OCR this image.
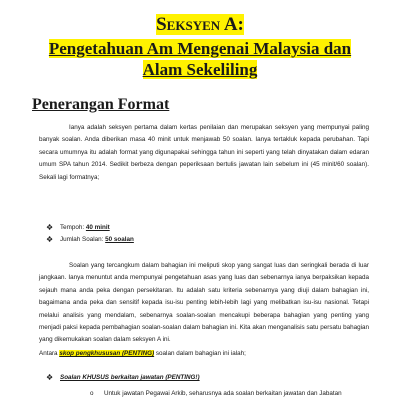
Seksyen A:
Pengetahuan Am Mengenai Malaysia dan
Alam Sekeliling
Penerangan Format

Ianya adalah seksyen pertama dalam kertas penilaian dan merupakan seksyen yang mempunyai paling banyak soalan. Anda diberikan masa 40 minit untuk menjawab 50 soalan. Ianya tertakluk kepada perubahan. Tapi secara umumnya itu adalah format yang digunapakai sehingga tahun ini seperti yang telah dinyatakan dalam edaran umum SPA tahun 2014. Sedikit berbeza dengan peperiksaan bertulis jawatan lain sebelum ini (45 minit/60 soalan). Sekali lagi formatnya;

❖ Tempoh: 40 minit
❖ Jumlah Soalan: 50 soalan

Soalan yang tercangkum dalam bahagian ini meliputi skop yang sangat luas dan seringkali berada di luar jangkaan. Ianya menuntut anda mempunyai pengetahuan asas yang luas dan sebenarnya ianya berpaksikan kepada sejauh mana anda peka dengan persekitaran. Itu adalah satu kriteria sebenarnya yang diuji dalam bahagian ini, bagaimana anda peka dan sensitif kepada isu-isu penting lebih-lebih lagi yang melibatkan isu-isu nasional. Tetapi melalui analisis yang mendalam, sebenarnya soalan-soalan mencakupi beberapa bahagian yang penting yang menjadi paksi kepada pembahagian soalan-soalan dalam bahagian ini. Kita akan menganalisis satu persatu bahagian yang dikemukakan soalan dalam seksyen A ini.

Antara skop pengkhususan (PENTING) soalan dalam bahagian ini ialah;

❖ Soalan KHUSUS berkaitan jawatan (PENTING!)

o Untuk jawatan Pegawai Arkib, seharusnya ada soalan berkaitan jawatan dan Jabatan
